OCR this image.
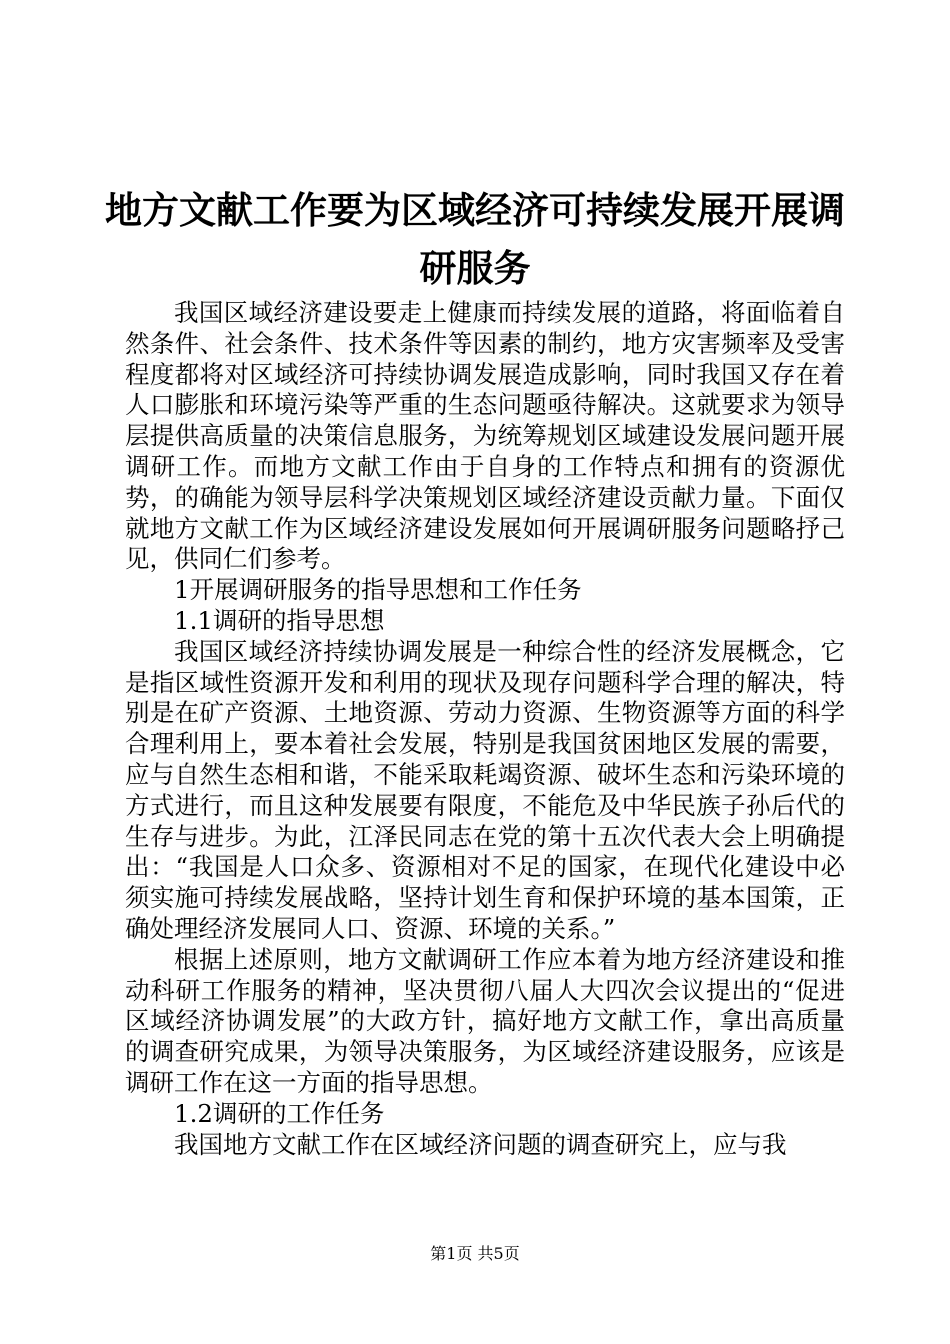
地方文献工作要为区域经济可持续发展开展调研服务

我国区域经济建设要走上健康而持续发展的道路，将面临着自然条件、社会条件、技术条件等因素的制约，地方灾害频率及受害程度都将对区域经济可持续协调发展造成影响，同时我国又存在着人口膨胀和环境污染等严重的生态问题亟待解决。这就要求为领导层提供高质量的决策信息服务，为统筹规划区域建设发展问题开展调研工作。而地方文献工作由于自身的工作特点和拥有的资源优势，的确能为领导层科学决策规划区域经济建设贡献力量。下面仅就地方文献工作为区域经济建设发展如何开展调研服务问题略抒己见，供同仁们参考。

1开展调研服务的指导思想和工作任务

1.1调研的指导思想

我国区域经济持续协调发展是一种综合性的经济发展概念，它是指区域性资源开发和利用的现状及现存问题科学合理的解决，特别是在矿产资源、土地资源、劳动力资源、生物资源等方面的科学合理利用上，要本着社会发展，特别是我国贫困地区发展的需要，应与自然生态相和谐，不能采取耗竭资源、破坏生态和污染环境的方式进行，而且这种发展要有限度，不能危及中华民族子孙后代的生存与进步。为此，江泽民同志在党的第十五次代表大会上明确提出：“我国是人口众多、资源相对不足的国家，在现代化建设中必须实施可持续发展战略，坚持计划生育和保护环境的基本国策，正确处理经济发展同人口、资源、环境的关系。”

根据上述原则，地方文献调研工作应本着为地方经济建设和推动科研工作服务的精神，坚决贯彻八届人大四次会议提出的“促进区域经济协调发展”的大政方针，搞好地方文献工作，拿出高质量的调查研究成果，为领导决策服务，为区域经济建设服务，应该是调研工作在这一方面的指导思想。

1.2调研的工作任务

我国地方文献工作在区域经济问题的调查研究上，应与我

第1页 共5页
